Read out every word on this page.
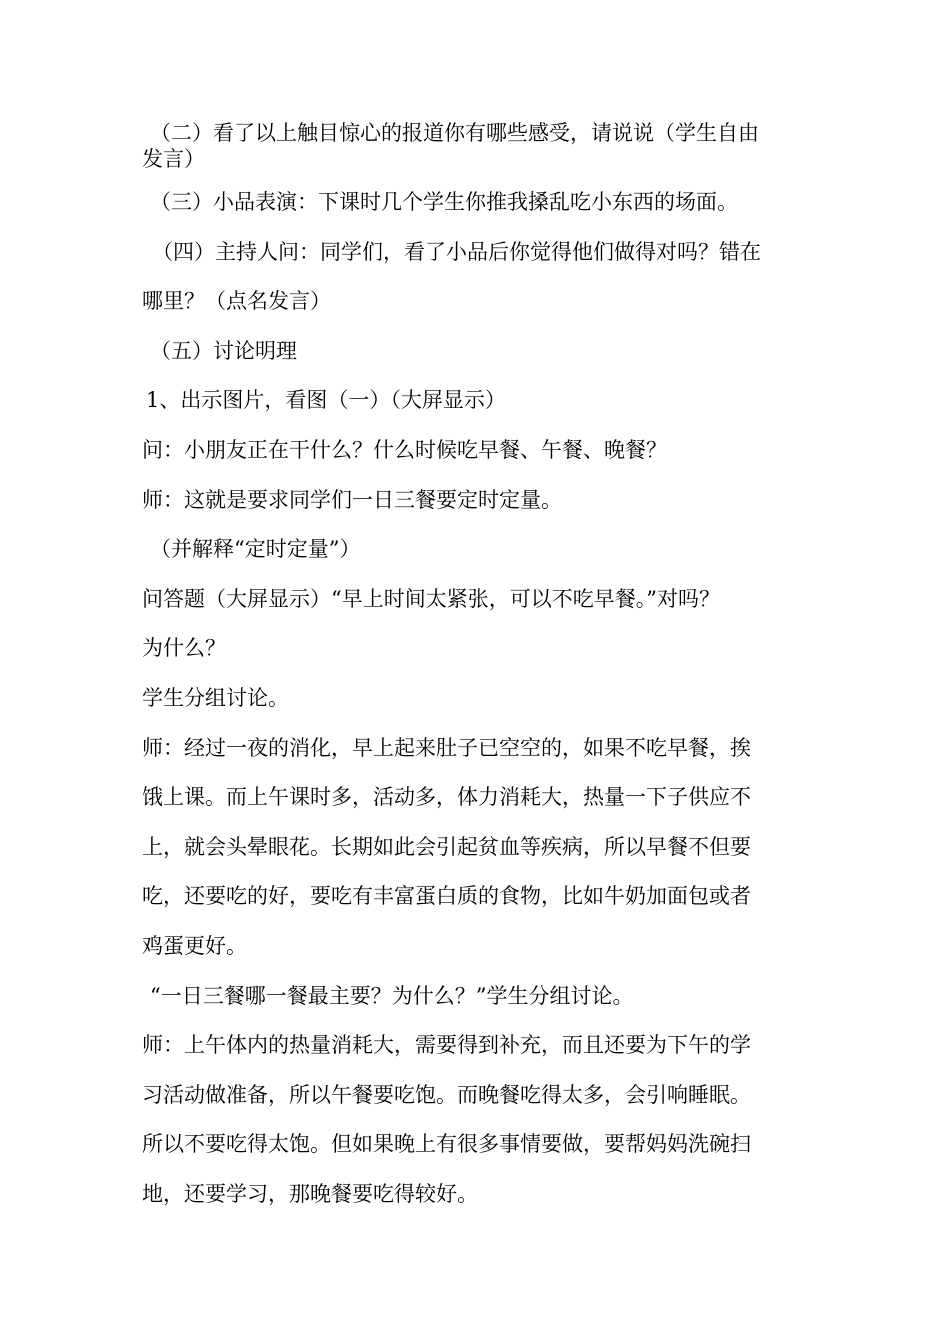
（二）看了以上触目惊心的报道你有哪些感受，请说说（学生自由

发言）

（三）小品表演：下课时几个学生你推我搡乱吃小东西的场面。

（四）主持人问：同学们，看了小品后你觉得他们做得对吗？错在

哪里？（点名发言）

（五）讨论明理

1、出示图片，看图（一）（大屏显示）

问：小朋友正在干什么？什么时候吃早餐、午餐、晚餐？

师：这就是要求同学们一日三餐要定时定量。

（并解释“定时定量”）

问答题（大屏显示）“早上时间太紧张，可以不吃早餐。”对吗？

为什么？

学生分组讨论。

师：经过一夜的消化，早上起来肚子已空空的，如果不吃早餐，挨

饿上课。而上午课时多，活动多，体力消耗大，热量一下子供应不

上，就会头晕眼花。长期如此会引起贫血等疾病，所以早餐不但要

吃，还要吃的好，要吃有丰富蛋白质的食物，比如牛奶加面包或者

鸡蛋更好。

“一日三餐哪一餐最主要？为什么？”学生分组讨论。

师：上午体内的热量消耗大，需要得到补充，而且还要为下午的学

习活动做准备，所以午餐要吃饱。而晚餐吃得太多，会引响睡眠。

所以不要吃得太饱。但如果晚上有很多事情要做，要帮妈妈洗碗扫

地，还要学习，那晚餐要吃得较好。
